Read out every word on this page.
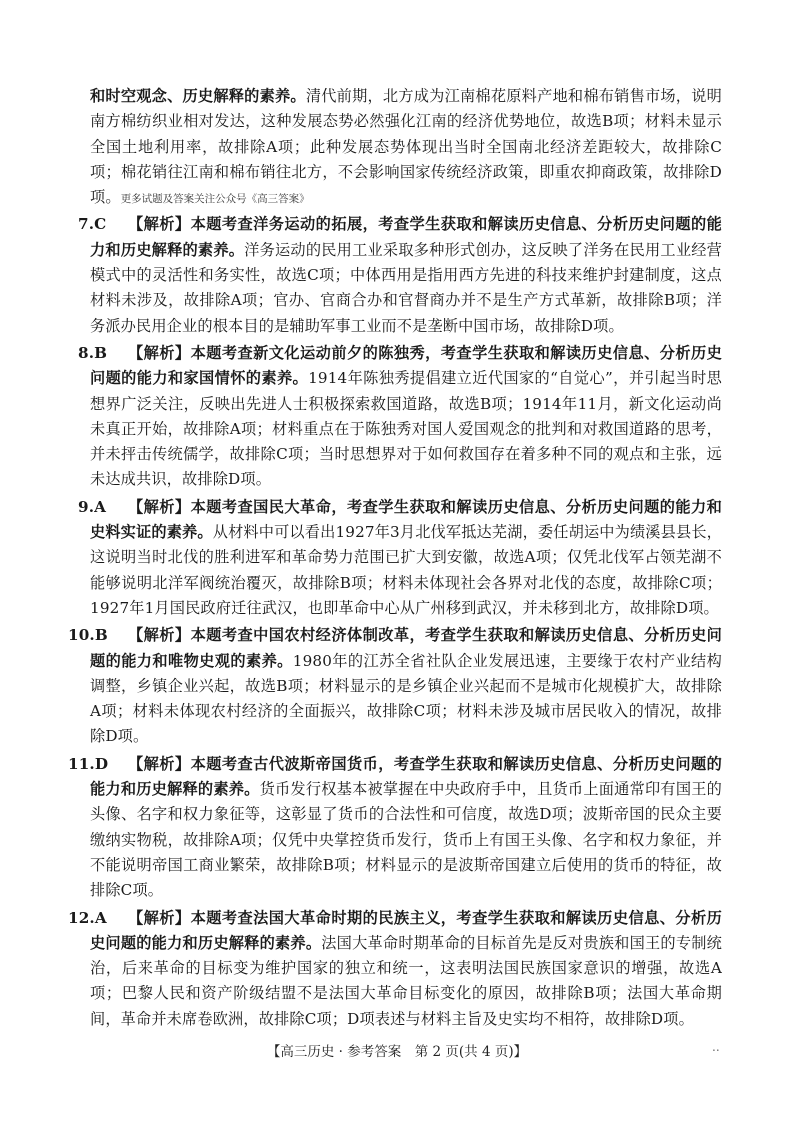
和时空观念、历史解释的素养。清代前期，北方成为江南棉花原料产地和棉布销售市场，说明南方棉纺织业相对发达，这种发展态势必然强化江南的经济优势地位，故选B项；材料未显示全国土地利用率，故排除A项；此种发展态势体现出当时全国南北经济差距较大，故排除C项；棉花销往江南和棉布销往北方，不会影响国家传统经济政策，即重农抑商政策，故排除D项。更多试题及答案关注公众号《高三答案》

7.C	【解析】本题考查洋务运动的拓展，考查学生获取和解读历史信息、分析历史问题的能力和历史解释的素养。洋务运动的民用工业采取多种形式创办，这反映了洋务在民用工业经营模式中的灵活性和务实性，故选C项；中体西用是指用西方先进的科技来维护封建制度，这点材料未涉及，故排除A项；官办、官商合办和官督商办并不是生产方式革新，故排除B项；洋务派办民用企业的根本目的是辅助军事工业而不是垄断中国市场，故排除D项。
8.B	【解析】本题考查新文化运动前夕的陈独秀，考查学生获取和解读历史信息、分析历史问题的能力和家国情怀的素养。1914年陈独秀提倡建立近代国家的“自觉心”，并引起当时思想界广泛关注，反映出先进人士积极探索救国道路，故选B项；1914年11月，新文化运动尚未真正开始，故排除A项；材料重点在于陈独秀对国人爱国观念的批判和对救国道路的思考，并未抨击传统儒学，故排除C项；当时思想界对于如何救国存在着多种不同的观点和主张，远未达成共识，故排除D项。
9.A	【解析】本题考查国民大革命，考查学生获取和解读历史信息、分析历史问题的能力和史料实证的素养。从材料中可以看出1927年3月北伐军抵达芜湖，委任胡运中为绩溪县县长，这说明当时北伐的胜利进军和革命势力范围已扩大到安徽，故选A项；仅凭北伐军占领芜湖不能够说明北洋军阀统治覆灭，故排除B项；材料未体现社会各界对北伐的态度，故排除C项；1927年1月国民政府迁往武汉，也即革命中心从广州移到武汉，并未移到北方，故排除D项。
10.B	【解析】本题考查中国农村经济体制改革，考查学生获取和解读历史信息、分析历史问题的能力和唯物史观的素养。1980年的江苏全省社队企业发展迅速，主要缘于农村产业结构调整，乡镇企业兴起，故选B项；材料显示的是乡镇企业兴起而不是城市化规模扩大，故排除A项；材料未体现农村经济的全面振兴，故排除C项；材料未涉及城市居民收入的情况，故排除D项。
11.D	【解析】本题考查古代波斯帝国货币，考查学生获取和解读历史信息、分析历史问题的能力和历史解释的素养。货币发行权基本被掌握在中央政府手中，且货币上面通常印有国王的头像、名字和权力象征等，这彰显了货币的合法性和可信度，故选D项；波斯帝国的民众主要缴纳实物税，故排除A项；仅凭中央掌控货币发行，货币上有国王头像、名字和权力象征，并不能说明帝国工商业繁荣，故排除B项；材料显示的是波斯帝国建立后使用的货币的特征，故排除C项。
12.A	【解析】本题考查法国大革命时期的民族主义，考查学生获取和解读历史信息、分析历史问题的能力和历史解释的素养。法国大革命时期革命的目标首先是反对贵族和国王的专制统治，后来革命的目标变为维护国家的独立和统一，这表明法国民族国家意识的增强，故选A项；巴黎人民和资产阶级结盟不是法国大革命目标变化的原因，故排除B项；法国大革命期间，革命并未席卷欧洲，故排除C项；D项表述与材料主旨及史实均不相符，故排除D项。
【高三历史 · 参考答案　第 2 页(共 4 页)】	..
